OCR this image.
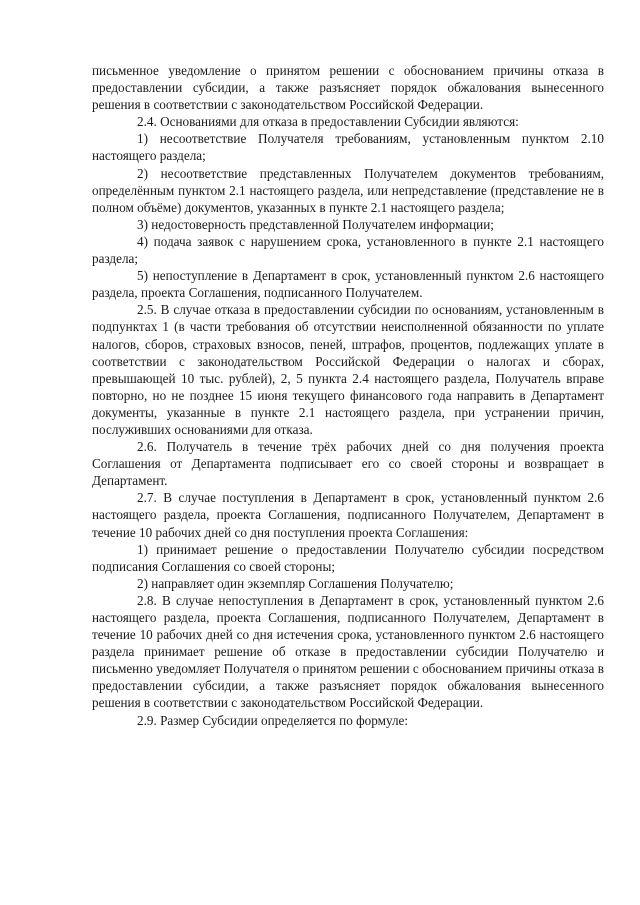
письменное уведомление о принятом решении с обоснованием причины отказа в предоставлении субсидии, а также разъясняет порядок обжалования вынесенного решения в соответствии с законодательством Российской Федерации.

2.4. Основаниями для отказа в предоставлении Субсидии являются:

1) несоответствие Получателя требованиям, установленным пунктом 2.10 настоящего раздела;

2) несоответствие представленных Получателем документов требованиям, определённым пунктом 2.1 настоящего раздела, или непредставление (представление не в полном объёме) документов, указанных в пункте 2.1 настоящего раздела;

3) недостоверность представленной Получателем информации;

4) подача заявок с нарушением срока, установленного в пункте 2.1 настоящего раздела;

5) непоступление в Департамент в срок, установленный пунктом 2.6 настоящего раздела, проекта Соглашения, подписанного Получателем.

2.5. В случае отказа в предоставлении субсидии по основаниям, установленным в подпунктах 1 (в части требования об отсутствии неисполненной обязанности по уплате налогов, сборов, страховых взносов, пеней, штрафов, процентов, подлежащих уплате в соответствии с законодательством Российской Федерации о налогах и сборах, превышающей 10 тыс. рублей), 2, 5 пункта 2.4 настоящего раздела, Получатель вправе повторно, но не позднее 15 июня текущего финансового года направить в Департамент документы, указанные в пункте 2.1 настоящего раздела, при устранении причин, послуживших основаниями для отказа.

2.6. Получатель в течение трёх рабочих дней со дня получения проекта Соглашения от Департамента подписывает его со своей стороны и возвращает в Департамент.

2.7. В случае поступления в Департамент в срок, установленный пунктом 2.6 настоящего раздела, проекта Соглашения, подписанного Получателем, Департамент в течение 10 рабочих дней со дня поступления проекта Соглашения:

1) принимает решение о предоставлении Получателю субсидии посредством подписания Соглашения со своей стороны;

2) направляет один экземпляр Соглашения Получателю;

2.8. В случае непоступления в Департамент в срок, установленный пунктом 2.6 настоящего раздела, проекта Соглашения, подписанного Получателем, Департамент в течение 10 рабочих дней со дня истечения срока, установленного пунктом 2.6 настоящего раздела принимает решение об отказе в предоставлении субсидии Получателю и письменно уведомляет Получателя о принятом решении с обоснованием причины отказа в предоставлении субсидии, а также разъясняет порядок обжалования вынесенного решения в соответствии с законодательством Российской Федерации.

2.9. Размер Субсидии определяется по формуле:
